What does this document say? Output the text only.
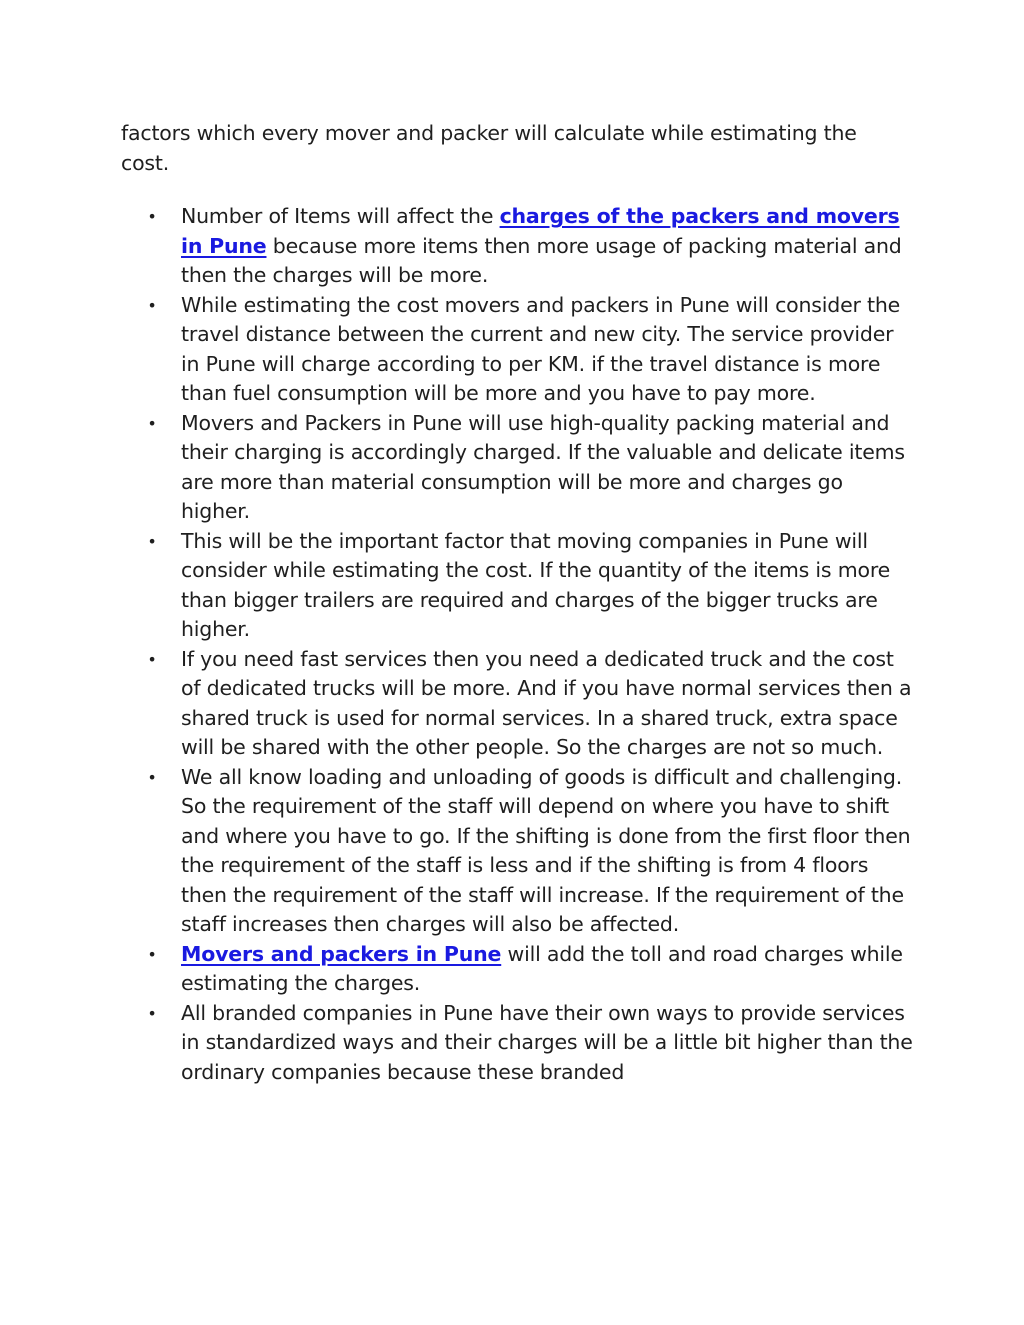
factors which every mover and packer will calculate while estimating the cost.

• Number of Items will affect the charges of the packers and movers in Pune because more items then more usage of packing material and then the charges will be more.
• While estimating the cost movers and packers in Pune will consider the travel distance between the current and new city. The service provider in Pune will charge according to per KM. if the travel distance is more than fuel consumption will be more and you have to pay more.
• Movers and Packers in Pune will use high-quality packing material and their charging is accordingly charged. If the valuable and delicate items are more than material consumption will be more and charges go higher.
• This will be the important factor that moving companies in Pune will consider while estimating the cost. If the quantity of the items is more than bigger trailers are required and charges of the bigger trucks are higher.
• If you need fast services then you need a dedicated truck and the cost of dedicated trucks will be more. And if you have normal services then a shared truck is used for normal services. In a shared truck, extra space will be shared with the other people. So the charges are not so much.
• We all know loading and unloading of goods is difficult and challenging. So the requirement of the staff will depend on where you have to shift and where you have to go. If the shifting is done from the first floor then the requirement of the staff is less and if the shifting is from 4 floors then the requirement of the staff will increase. If the requirement of the staff increases then charges will also be affected.
• Movers and packers in Pune will add the toll and road charges while estimating the charges.
• All branded companies in Pune have their own ways to provide services in standardized ways and their charges will be a little bit higher than the ordinary companies because these branded
